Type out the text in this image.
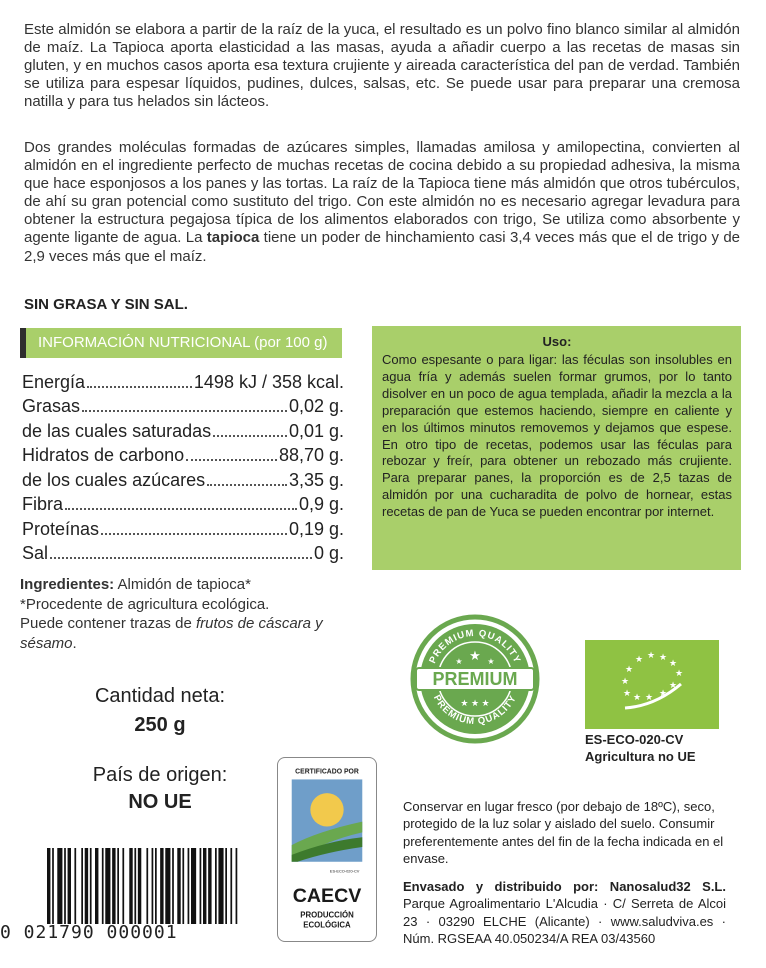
Este almidón se elabora a partir de la raíz de la yuca, el resultado es un polvo fino blanco similar al almidón de maíz. La Tapioca aporta elasticidad a las masas, ayuda a añadir cuerpo a las recetas de masas sin gluten, y en muchos casos aporta esa textura crujiente y aireada característica del pan de verdad. También se utiliza para espesar líquidos, pudines, dulces, salsas, etc. Se puede usar para preparar una cremosa natilla y para tus helados sin lácteos.

Dos grandes moléculas formadas de azúcares simples, llamadas amilosa y amilopectina, convierten al almidón en el ingrediente perfecto de muchas recetas de cocina debido a su propiedad adhesiva, la misma que hace esponjosos a los panes y las tortas. La raíz de la Tapioca tiene más almidón que otros tubérculos, de ahí su gran potencial como sustituto del trigo. Con este almidón no es necesario agregar levadura para obtener la estructura pegajosa típica de los alimentos elaborados con trigo, Se utiliza como absorbente y agente ligante de agua. La tapioca tiene un poder de hinchamiento casi 3,4 veces más que el de trigo y de 2,9 veces más que el maíz.

SIN GRASA Y SIN SAL.
INFORMACIÓN NUTRICIONAL (por 100 g)
Energía	1498 kJ / 358 kcal.
Grasas	0,02 g.
de las cuales saturadas	0,01 g.
Hidratos de carbono	88,70 g.
de los cuales azúcares	3,35 g.
Fibra	0,9 g.
Proteínas	0,19 g.
Sal	0 g.
Uso:
Como espesante o para ligar: las féculas son insolubles en agua fría y además suelen formar grumos, por lo tanto disolver en un poco de agua templada, añadir la mezcla a la preparación que estemos haciendo, siempre en caliente y en los últimos minutos removemos y dejamos que espese. En otro tipo de recetas, podemos usar las féculas para rebozar y freír, para obtener un rebozado más crujiente. Para preparar panes, la proporción es de 2,5 tazas de almidón por una cucharadita de polvo de hornear, estas recetas de pan de Yuca se pueden encontrar por internet.
Ingredientes: Almidón de tapioca*
*Procedente de agricultura ecológica.
Puede contener trazas de frutos de cáscara y sésamo.
Cantidad neta:
250 g
País de origen:
NO UE
0 021790 000001
CERTIFICADO POR
ES-ECO-020-CV
CAECV
PRODUCCIÓN
ECOLÓGICA
PREMIUM QUALITY
PREMIUM QUALITY
PREMIUM
★
★	★
★ ★ ★
★
★
★
★ ★ ★
★
★
★
★
★
★
ES-ECO-020-CV
Agricultura no UE
Conservar en lugar fresco (por debajo de 18ºC), seco, protegido de la luz solar y aislado del suelo. Consumir preferentemente antes del fin de la fecha indicada en el envase.
Envasado y distribuido por: Nanosalud32 S.L. Parque Agroalimentario L'Alcudia · C/ Serreta de Alcoi 23 · 03290 ELCHE (Alicante) · www.saludviva.es · Núm. RGSEAA 40.050234/A REA 03/43560
